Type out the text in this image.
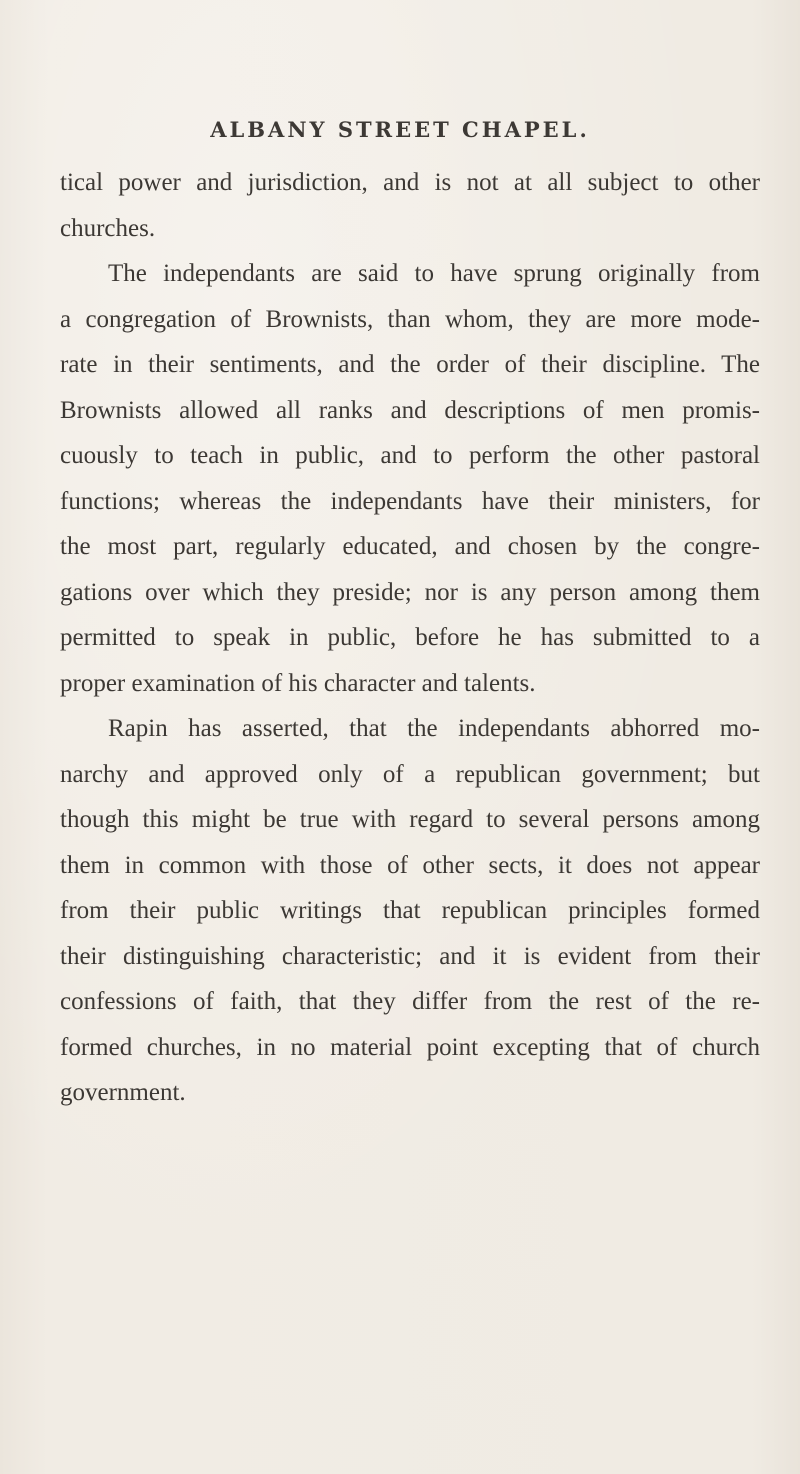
ALBANY STREET CHAPEL.
tical power and jurisdiction, and is not at all subject to other
churches.
The independants are said to have sprung originally from
a congregation of Brownists, than whom, they are more mode-
rate in their sentiments, and the order of their discipline. The
Brownists allowed all ranks and descriptions of men promis-
cuously to teach in public, and to perform the other pastoral
functions; whereas the independants have their ministers, for
the most part, regularly educated, and chosen by the congre-
gations over which they preside; nor is any person among them
permitted to speak in public, before he has submitted to a
proper examination of his character and talents.
Rapin has asserted, that the independants abhorred mo-
narchy and approved only of a republican government; but
though this might be true with regard to several persons among
them in common with those of other sects, it does not appear
from their public writings that republican principles formed
their distinguishing characteristic; and it is evident from their
confessions of faith, that they differ from the rest of the re-
formed churches, in no material point excepting that of church
government.
